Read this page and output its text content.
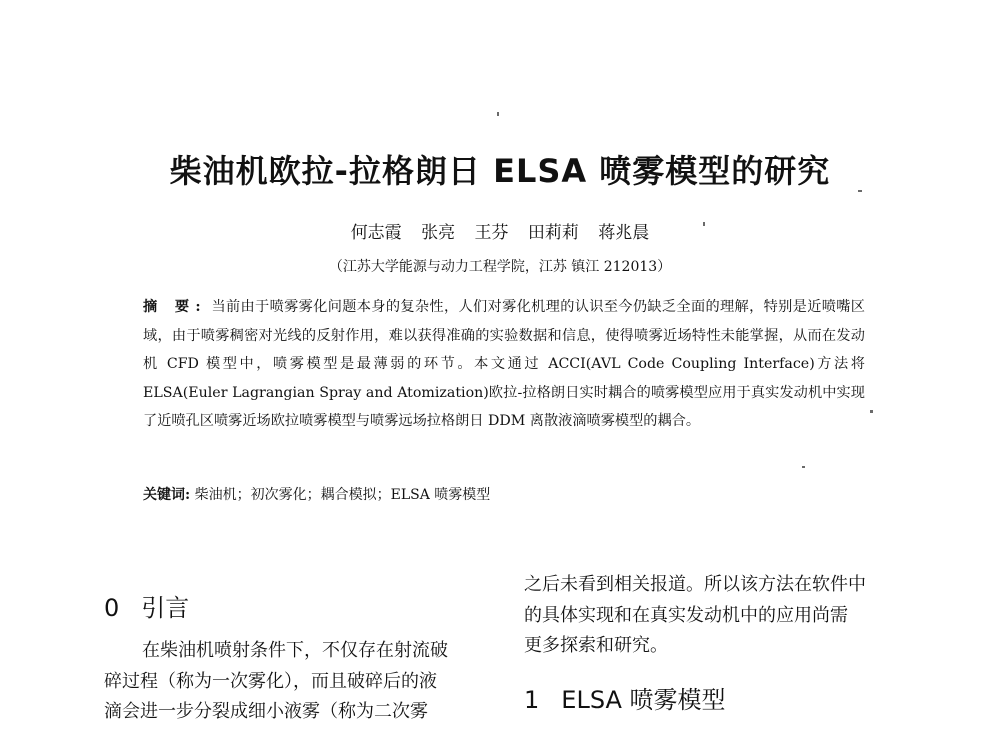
柴油机欧拉-拉格朗日 ELSA 喷雾模型的研究
何志霞 张亮 王芬 田莉莉 蒋兆晨
（江苏大学能源与动力工程学院，江苏 镇江 212013）
摘 要: 当前由于喷雾雾化问题本身的复杂性，人们对雾化机理的认识至今仍缺乏全面的理解，特别是近喷嘴区域，由于喷雾稠密对光线的反射作用，难以获得准确的实验数据和信息，使得喷雾近场特性未能掌握，从而在发动机 CFD 模型中，喷雾模型是最薄弱的环节。本文通过 ACCI(AVL Code Coupling Interface)方法将 ELSA(Euler Lagrangian Spray and Atomization)欧拉-拉格朗日实时耦合的喷雾模型应用于真实发动机中实现了近喷孔区喷雾近场欧拉喷雾模型与喷雾远场拉格朗日 DDM 离散液滴喷雾模型的耦合。
关键词: 柴油机；初次雾化；耦合模拟；ELSA 喷雾模型
0 引言
在柴油机喷射条件下，不仅存在射流破
碎过程（称为一次雾化），而且破碎后的液
滴会进一步分裂成细小液雾（称为二次雾
之后未看到相关报道。所以该方法在软件中
的具体实现和在真实发动机中的应用尚需
更多探索和研究。
1 ELSA 喷雾模型
